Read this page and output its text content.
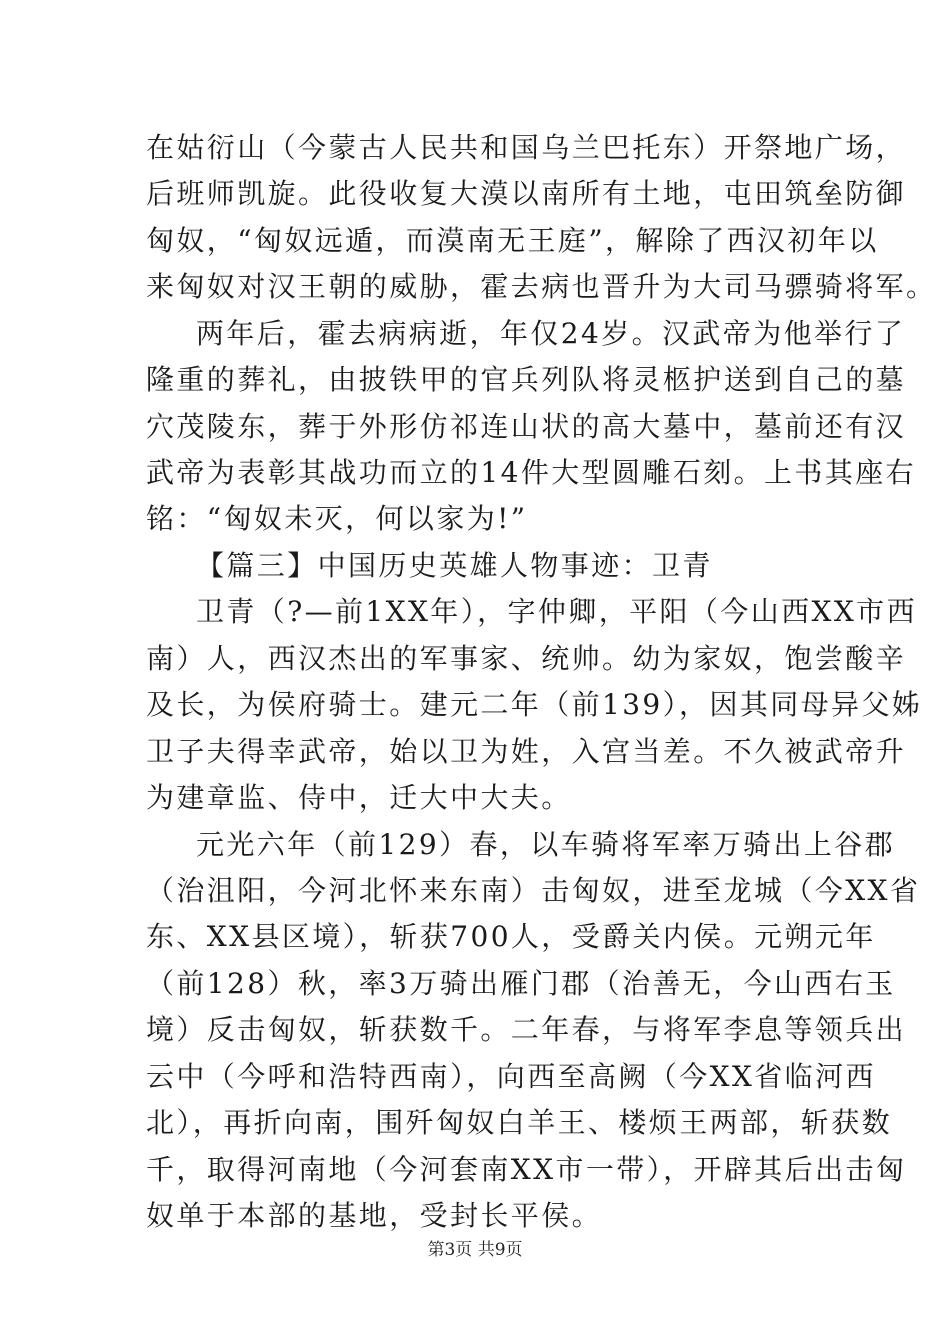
在姑衍山（今蒙古人民共和国乌兰巴托东）开祭地广场，
后班师凯旋。此役收复大漠以南所有土地，屯田筑垒防御
匈奴，“匈奴远遁，而漠南无王庭”，解除了西汉初年以
来匈奴对汉王朝的威胁，霍去病也晋升为大司马骠骑将军。
两年后，霍去病病逝，年仅24岁。汉武帝为他举行了
隆重的葬礼，由披铁甲的官兵列队将灵柩护送到自己的墓
穴茂陵东，葬于外形仿祁连山状的高大墓中，墓前还有汉
武帝为表彰其战功而立的14件大型圆雕石刻。上书其座右
铭：“匈奴未灭，何以家为!”
【篇三】中国历史英雄人物事迹：卫青
卫青（?—前1XX年），字仲卿，平阳（今山西XX市西
南）人，西汉杰出的军事家、统帅。幼为家奴，饱尝酸辛
及长，为侯府骑士。建元二年（前139），因其同母异父姊
卫子夫得幸武帝，始以卫为姓，入宫当差。不久被武帝升
为建章监、侍中，迁大中大夫。
元光六年（前129）春，以车骑将军率万骑出上谷郡
（治沮阳，今河北怀来东南）击匈奴，进至龙城（今XX省
东、XX县区境），斩获700人，受爵关内侯。元朔元年
（前128）秋，率3万骑出雁门郡（治善无，今山西右玉
境）反击匈奴，斩获数千。二年春，与将军李息等领兵出
云中（今呼和浩特西南），向西至高阙（今XX省临河西
北），再折向南，围歼匈奴白羊王、楼烦王两部，斩获数
千，取得河南地（今河套南XX市一带），开辟其后出击匈
奴单于本部的基地，受封长平侯。
第3页 共9页
